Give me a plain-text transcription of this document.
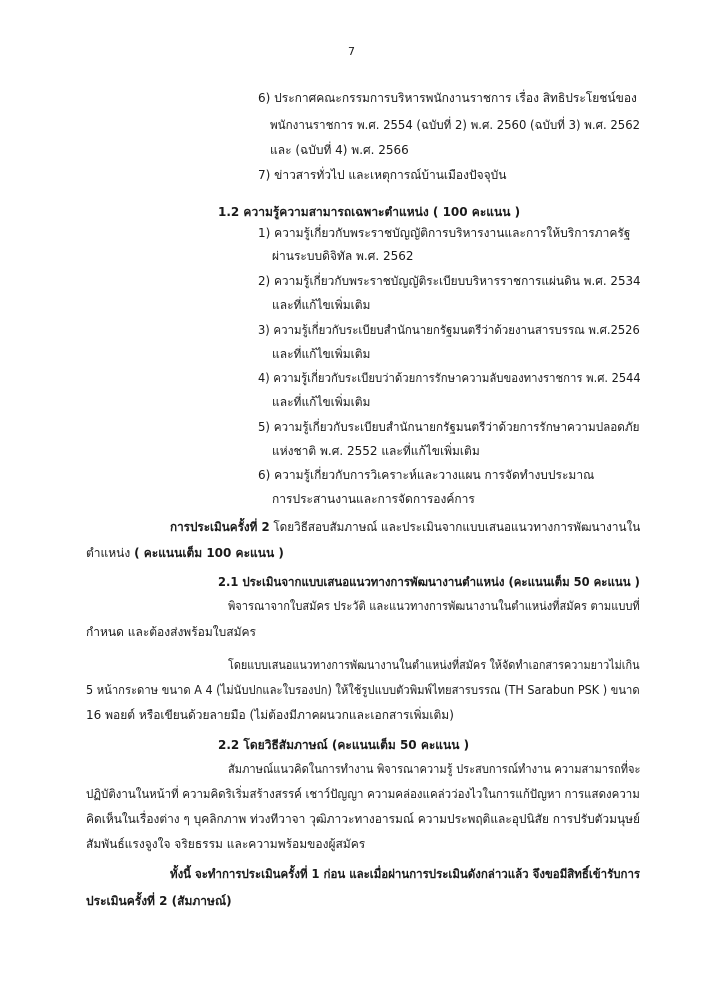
7
6) ประกาศคณะกรรมการบริหารพนักงานราชการ เรื่อง สิทธิประโยชน์ของ
พนักงานราชการ พ.ศ. 2554 (ฉบับที่ 2) พ.ศ. 2560 (ฉบับที่ 3) พ.ศ. 2562
และ (ฉบับที่ 4) พ.ศ. 2566
7) ข่าวสารทั่วไป และเหตุการณ์บ้านเมืองปัจจุบัน
1.2 ความรู้ความสามารถเฉพาะตำแหน่ง ( 100 คะแนน )
1) ความรู้เกี่ยวกับพระราชบัญญัติการบริหารงานและการให้บริการภาครัฐ
ผ่านระบบดิจิทัล พ.ศ. 2562
2) ความรู้เกี่ยวกับพระราชบัญญัติระเบียบบริหารราชการแผ่นดิน พ.ศ. 2534
และที่แก้ไขเพิ่มเติม
3) ความรู้เกี่ยวกับระเบียบสำนักนายกรัฐมนตรีว่าด้วยงานสารบรรณ พ.ศ.2526
และที่แก้ไขเพิ่มเติม
4) ความรู้เกี่ยวกับระเบียบว่าด้วยการรักษาความลับของทางราชการ พ.ศ. 2544
และที่แก้ไขเพิ่มเติม
5) ความรู้เกี่ยวกับระเบียบสำนักนายกรัฐมนตรีว่าด้วยการรักษาความปลอดภัย
แห่งชาติ พ.ศ. 2552 และที่แก้ไขเพิ่มเติม
6) ความรู้เกี่ยวกับการวิเคราะห์และวางแผน การจัดทำงบประมาณ
การประสานงานและการจัดการองค์การ
การประเมินครั้งที่ 2 โดยวิธีสอบสัมภาษณ์ และประเมินจากแบบเสนอแนวทางการพัฒนางานใน
ตำแหน่ง ( คะแนนเต็ม 100 คะแนน )
2.1 ประเมินจากแบบเสนอแนวทางการพัฒนางานตำแหน่ง (คะแนนเต็ม 50 คะแนน )
พิจารณาจากใบสมัคร ประวัติ และแนวทางการพัฒนางานในตำแหน่งที่สมัคร ตามแบบที่
กำหนด และต้องส่งพร้อมใบสมัคร
โดยแบบเสนอแนวทางการพัฒนางานในตำแหน่งที่สมัคร ให้จัดทำเอกสารความยาวไม่เกิน
5 หน้ากระดาษ ขนาด A 4 (ไม่นับปกและใบรองปก) ให้ใช้รูปแบบตัวพิมพ์ไทยสารบรรณ (TH Sarabun PSK ) ขนาด
16 พอยต์ หรือเขียนด้วยลายมือ (ไม่ต้องมีภาคผนวกและเอกสารเพิ่มเติม)
2.2 โดยวิธีสัมภาษณ์ (คะแนนเต็ม 50 คะแนน )
สัมภาษณ์แนวคิดในการทำงาน พิจารณาความรู้ ประสบการณ์ทำงาน ความสามารถที่จะ
ปฏิบัติงานในหน้าที่ ความคิดริเริ่มสร้างสรรค์ เชาว์ปัญญา ความคล่องแคล่วว่องไวในการแก้ปัญหา การแสดงความ
คิดเห็นในเรื่องต่าง ๆ บุคลิกภาพ ท่วงทีวาจา วุฒิภาวะทางอารมณ์ ความประพฤติและอุปนิสัย การปรับตัวมนุษย์
สัมพันธ์แรงจูงใจ จริยธรรม และความพร้อมของผู้สมัคร
ทั้งนี้ จะทำการประเมินครั้งที่ 1 ก่อน และเมื่อผ่านการประเมินดังกล่าวแล้ว จึงขอมีสิทธิ์เข้ารับการ
ประเมินครั้งที่ 2 (สัมภาษณ์)
